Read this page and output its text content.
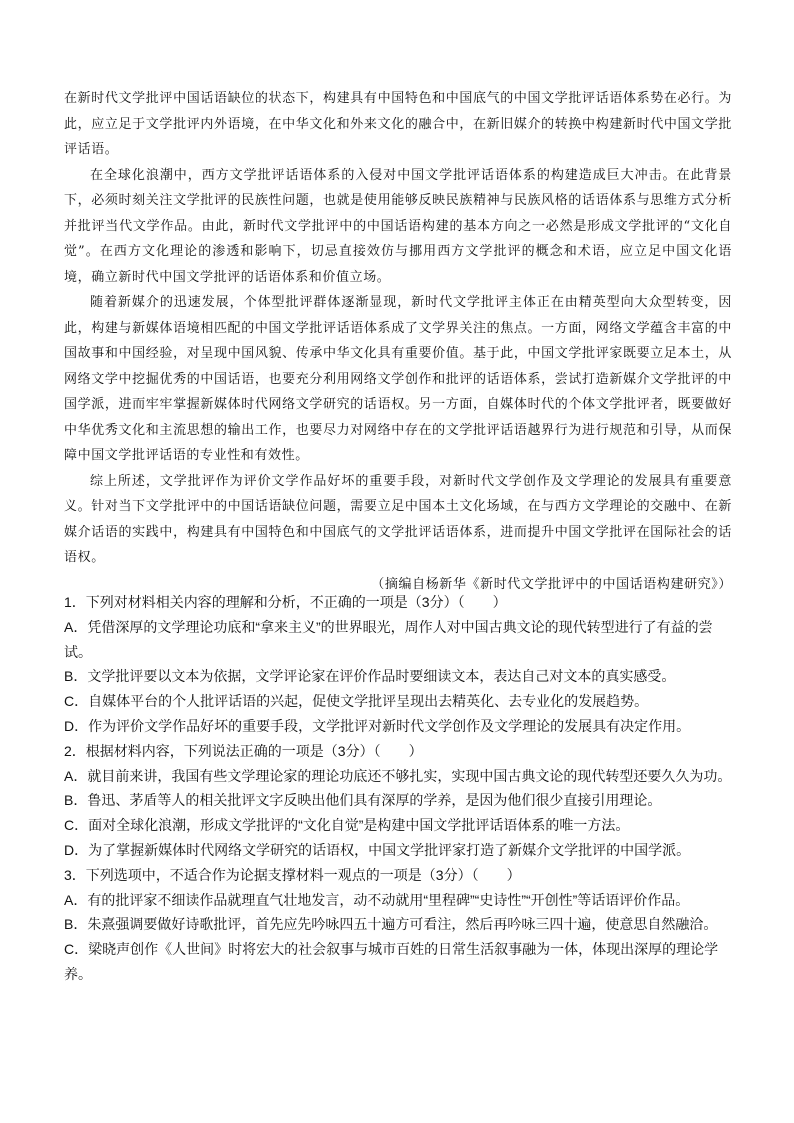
在新时代文学批评中国话语缺位的状态下，构建具有中国特色和中国底气的中国文学批评话语体系势在必行。为此，应立足于文学批评内外语境，在中华文化和外来文化的融合中，在新旧媒介的转换中构建新时代中国文学批评话语。

在全球化浪潮中，西方文学批评话语体系的入侵对中国文学批评话语体系的构建造成巨大冲击。在此背景下，必须时刻关注文学批评的民族性问题，也就是使用能够反映民族精神与民族风格的话语体系与思维方式分析并批评当代文学作品。由此，新时代文学批评中的中国话语构建的基本方向之一必然是形成文学批评的“文化自觉”。在西方文化理论的渗透和影响下，切忌直接效仿与挪用西方文学批评的概念和术语，应立足中国文化语境，确立新时代中国文学批评的话语体系和价值立场。

随着新媒介的迅速发展，个体型批评群体逐渐显现，新时代文学批评主体正在由精英型向大众型转变，因此，构建与新媒体语境相匹配的中国文学批评话语体系成了文学界关注的焦点。一方面，网络文学蕴含丰富的中国故事和中国经验，对呈现中国风貌、传承中华文化具有重要价值。基于此，中国文学批评家既要立足本土，从网络文学中挖掘优秀的中国话语，也要充分利用网络文学创作和批评的话语体系，尝试打造新媒介文学批评的中国学派，进而牢牢掌握新媒体时代网络文学研究的话语权。另一方面，自媒体时代的个体文学批评者，既要做好中华优秀文化和主流思想的输出工作，也要尽力对网络中存在的文学批评话语越界行为进行规范和引导，从而保障中国文学批评话语的专业性和有效性。

综上所述，文学批评作为评价文学作品好坏的重要手段，对新时代文学创作及文学理论的发展具有重要意义。针对当下文学批评中的中国话语缺位问题，需要立足中国本土文化场域，在与西方文学理论的交融中、在新媒介话语的实践中，构建具有中国特色和中国底气的文学批评话语体系，进而提升中国文学批评在国际社会的话语权。

（摘编自杨新华《新时代文学批评中的中国话语构建研究》）

1．下列对材料相关内容的理解和分析，不正确的一项是（3分）（　　）

A．凭借深厚的文学理论功底和“拿来主义”的世界眼光，周作人对中国古典文论的现代转型进行了有益的尝试。

B．文学批评要以文本为依据，文学评论家在评价作品时要细读文本，表达自己对文本的真实感受。

C．自媒体平台的个人批评话语的兴起，促使文学批评呈现出去精英化、去专业化的发展趋势。

D．作为评价文学作品好坏的重要手段，文学批评对新时代文学创作及文学理论的发展具有决定作用。

2．根据材料内容，下列说法正确的一项是（3分）（　　）

A．就目前来讲，我国有些文学理论家的理论功底还不够扎实，实现中国古典文论的现代转型还要久久为功。

B．鲁迅、茅盾等人的相关批评文字反映出他们具有深厚的学养，是因为他们很少直接引用理论。

C．面对全球化浪潮，形成文学批评的“文化自觉”是构建中国文学批评话语体系的唯一方法。

D．为了掌握新媒体时代网络文学研究的话语权，中国文学批评家打造了新媒介文学批评的中国学派。

3．下列选项中，不适合作为论据支撑材料一观点的一项是（3分）（　　）

A．有的批评家不细读作品就理直气壮地发言，动不动就用“里程碑”“史诗性”“开创性”等话语评价作品。

B．朱熹强调要做好诗歌批评，首先应先吟咏四五十遍方可看注，然后再吟咏三四十遍，使意思自然融洽。

C．梁晓声创作《人世间》时将宏大的社会叙事与城市百姓的日常生活叙事融为一体，体现出深厚的理论学养。
